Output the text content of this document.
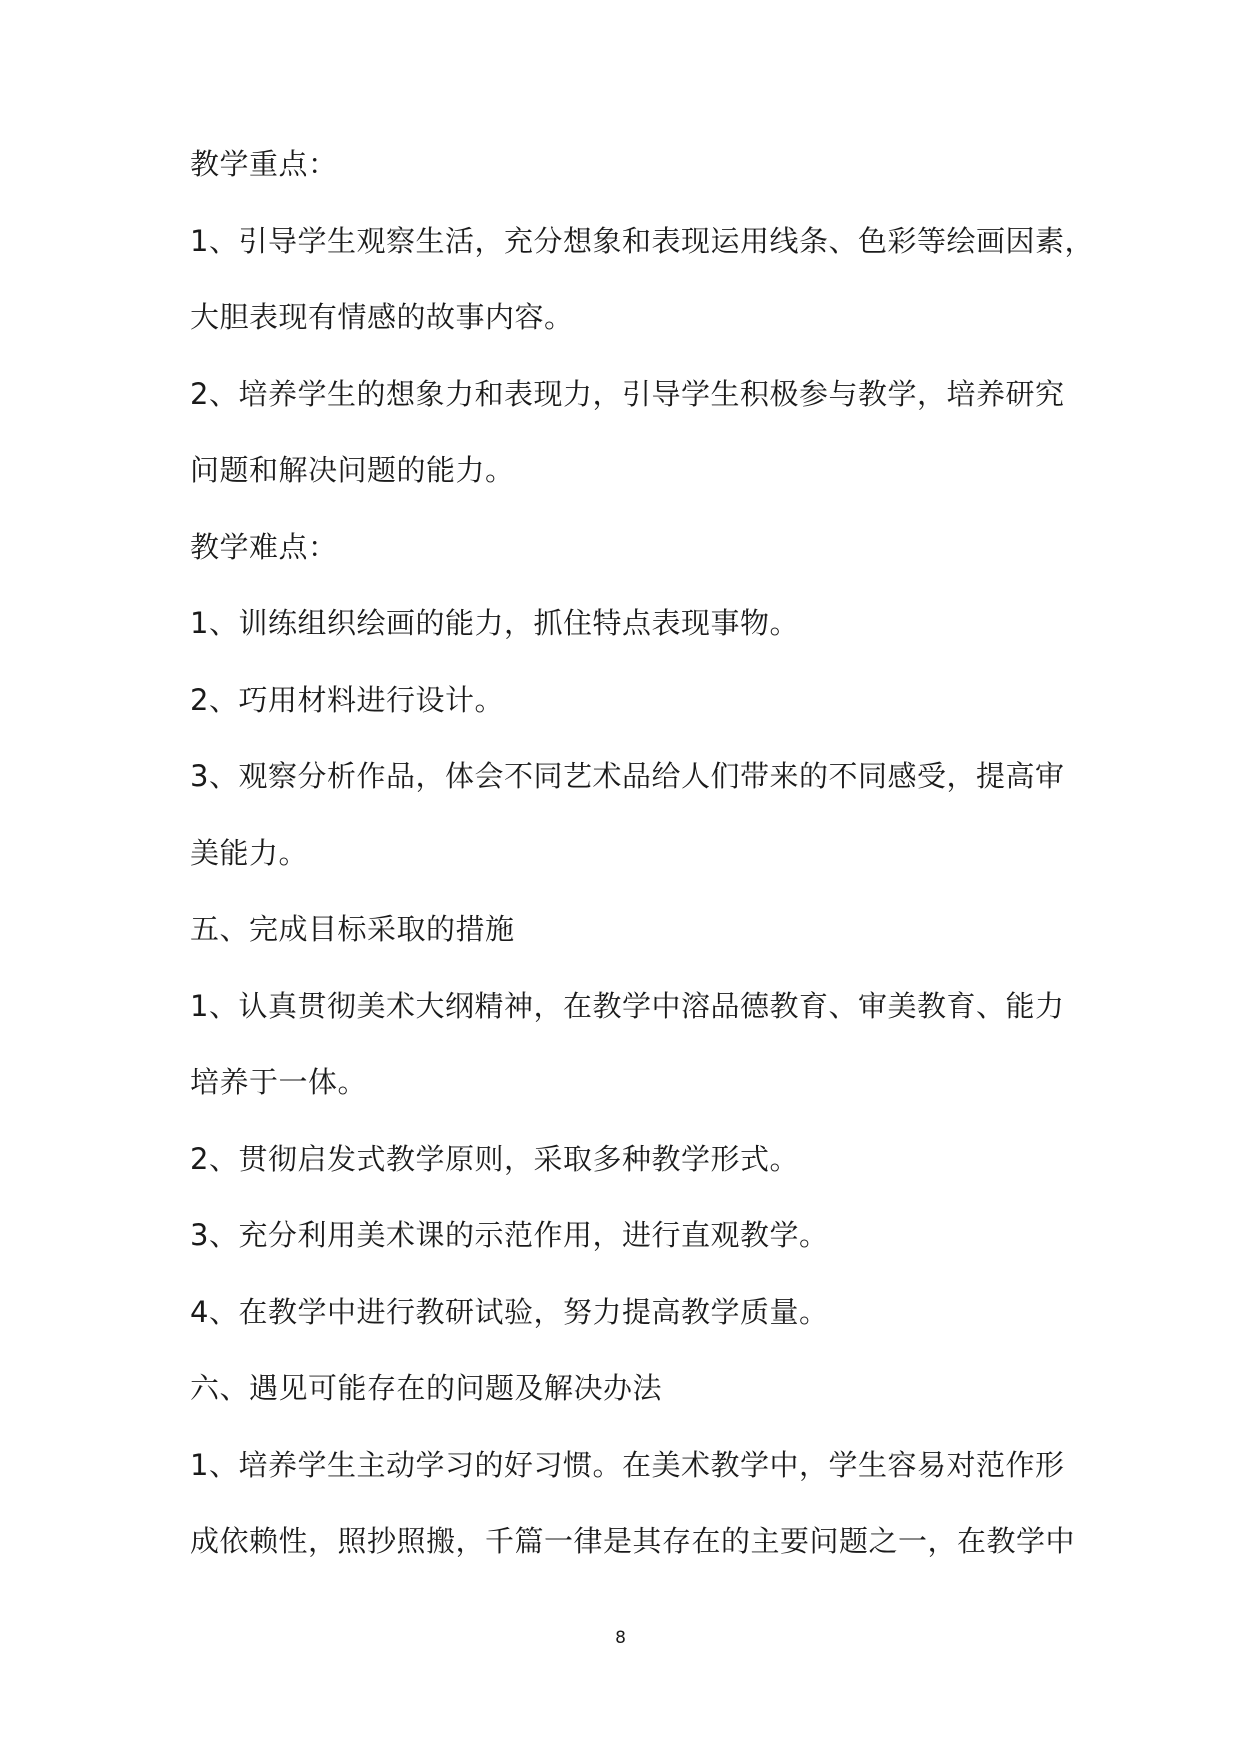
教学重点：
1、引导学生观察生活，充分想象和表现运用线条、色彩等绘画因素，
大胆表现有情感的故事内容。
2、培养学生的想象力和表现力，引导学生积极参与教学，培养研究
问题和解决问题的能力。
教学难点：
1、训练组织绘画的能力，抓住特点表现事物。
2、巧用材料进行设计。
3、观察分析作品，体会不同艺术品给人们带来的不同感受，提高审
美能力。
五、完成目标采取的措施
1、认真贯彻美术大纲精神，在教学中溶品德教育、审美教育、能力
培养于一体。
2、贯彻启发式教学原则，采取多种教学形式。
3、充分利用美术课的示范作用，进行直观教学。
4、在教学中进行教研试验，努力提高教学质量。
六、遇见可能存在的问题及解决办法
1、培养学生主动学习的好习惯。在美术教学中，学生容易对范作形
成依赖性，照抄照搬，千篇一律是其存在的主要问题之一，在教学中
8
